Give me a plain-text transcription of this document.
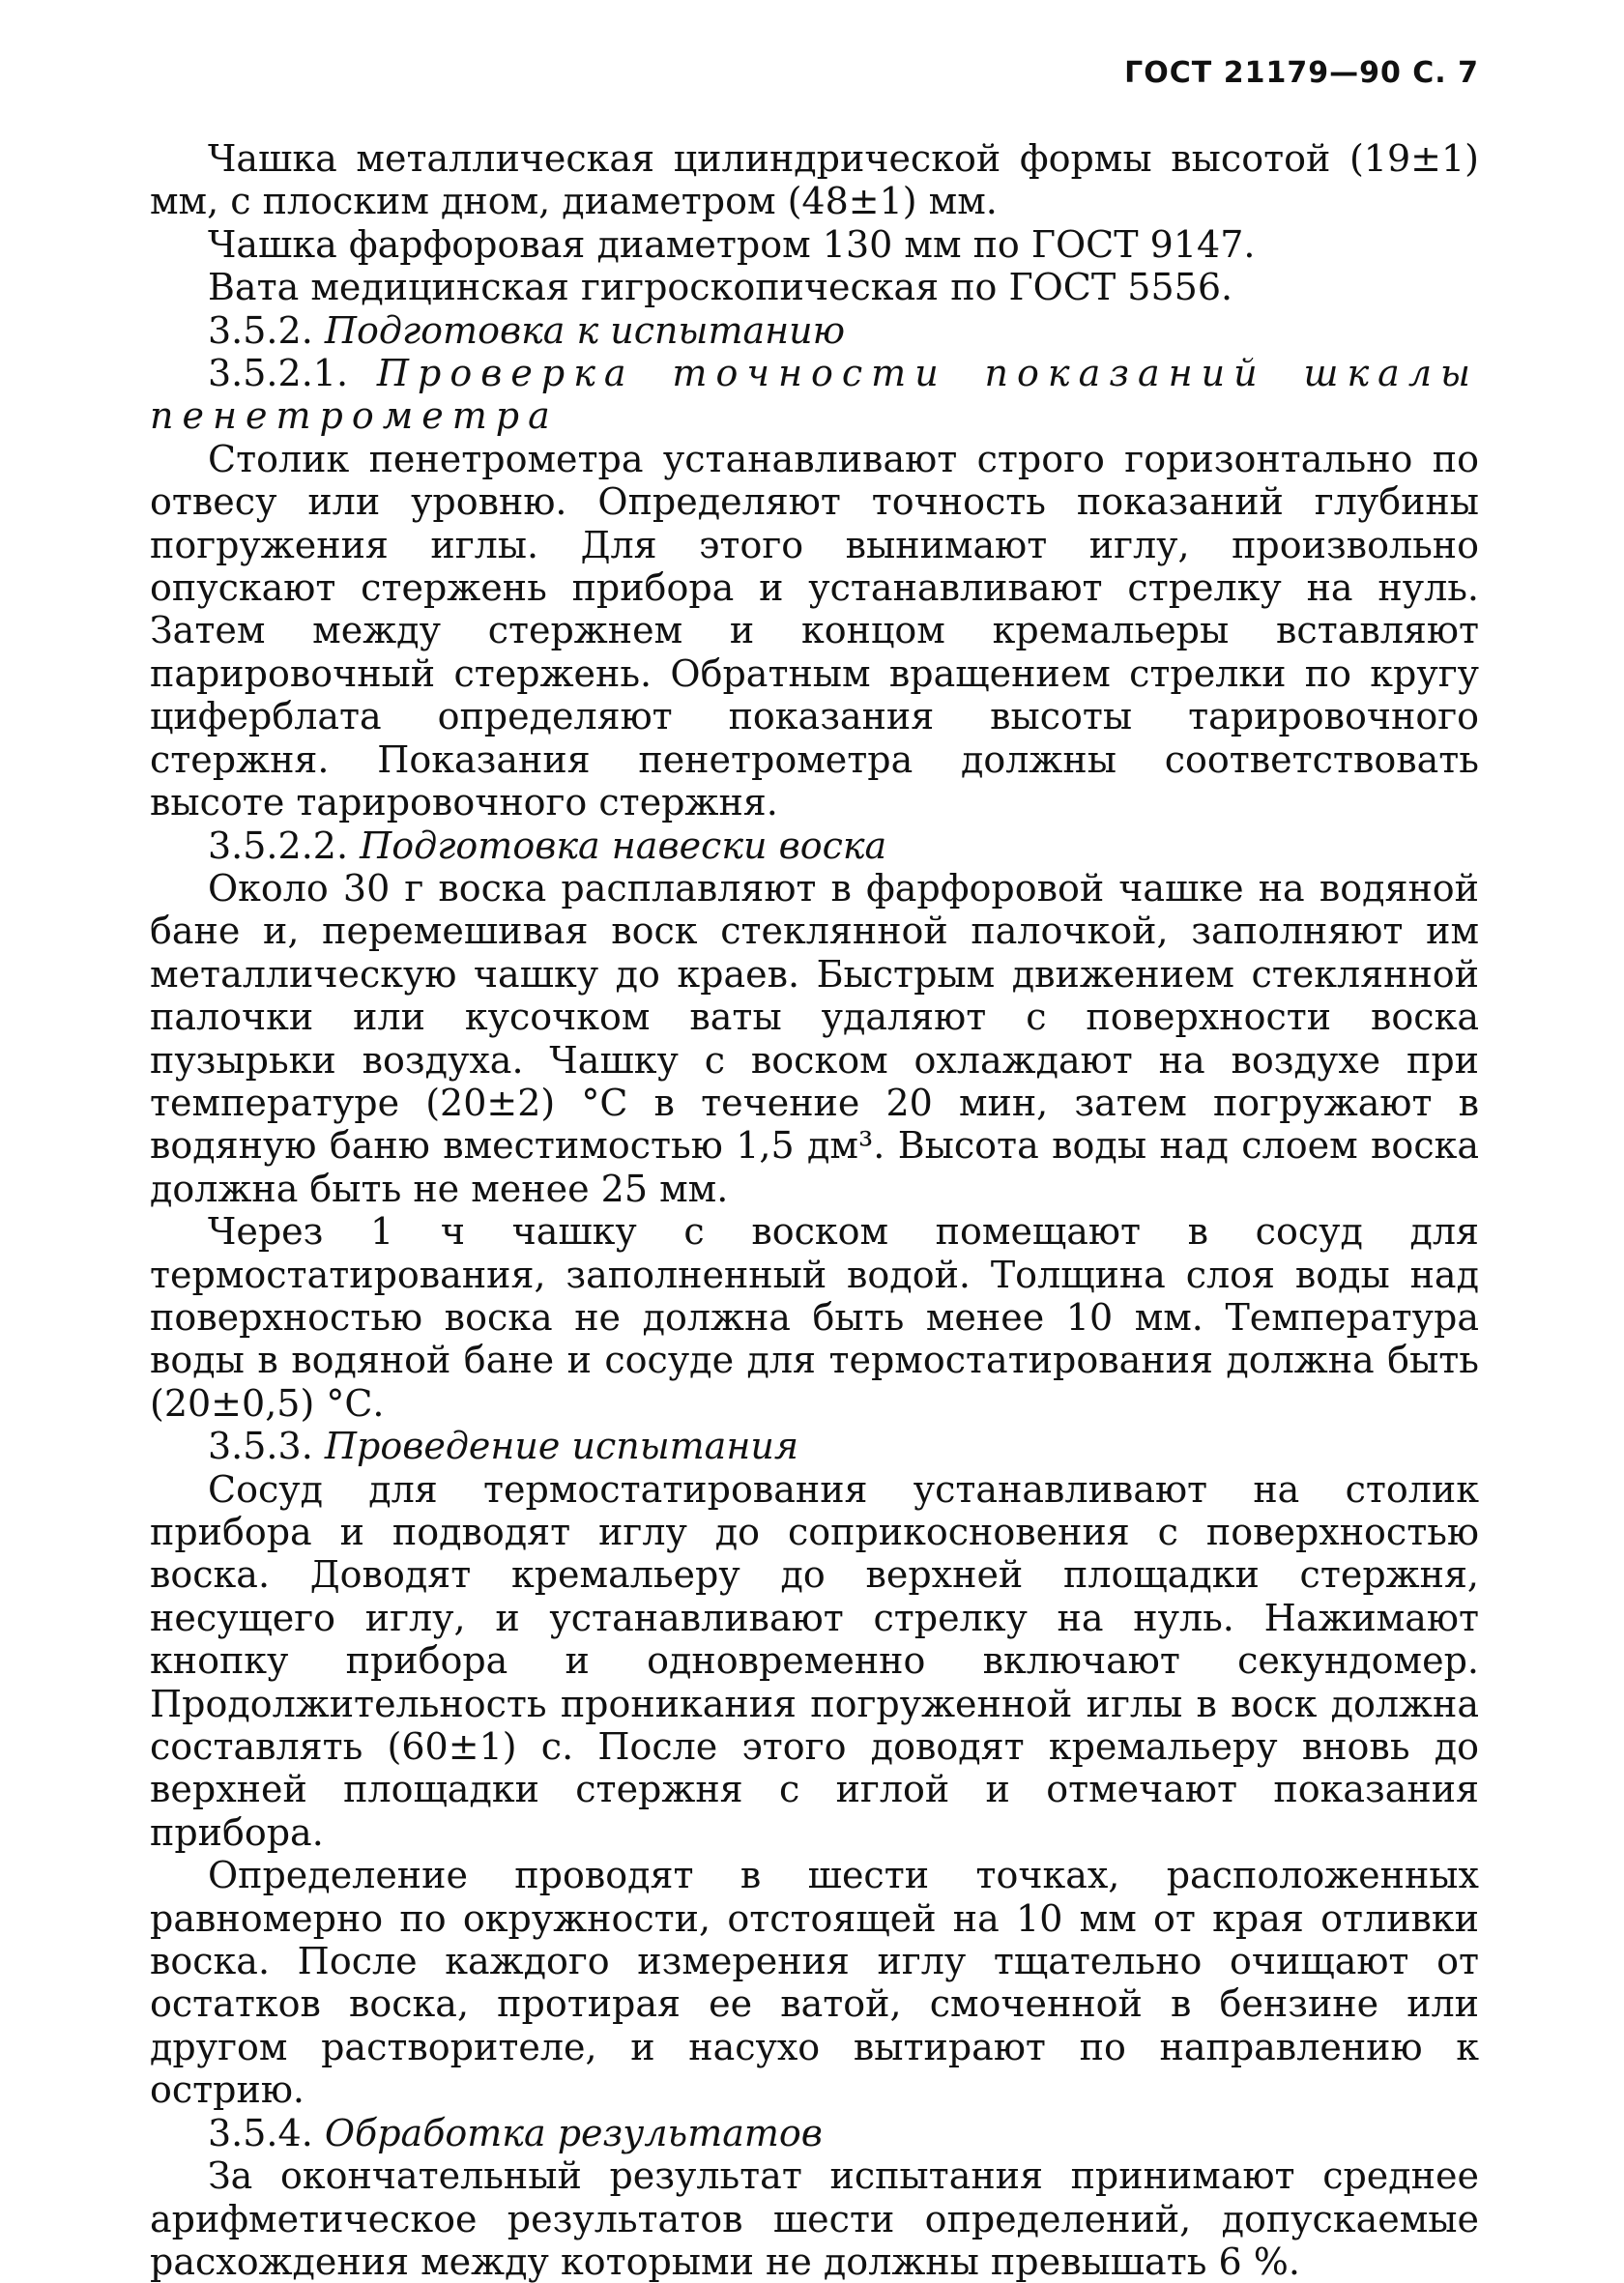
ГОСТ 21179—90 С. 7

Чашка металлическая цилиндрической формы высотой (19±1) мм, с плоским дном, диаметром (48±1) мм.

Чашка фарфоровая диаметром 130 мм по ГОСТ 9147.

Вата медицинская гигроскопическая по ГОСТ 5556.

3.5.2. Подготовка к испытанию

3.5.2.1. Проверка точности показаний шкалы пенетрометра

Столик пенетрометра устанавливают строго горизонтально по отвесу или уровню. Определяют точность показаний глубины погружения иглы. Для этого вынимают иглу, произвольно опускают стержень прибора и устанавливают стрелку на нуль. Затем между стержнем и концом кремальеры вставляют парировочный стержень. Обратным вращением стрелки по кругу циферблата определяют показания высоты тарировочного стержня. Показания пенетрометра должны соответствовать высоте тарировочного стержня.

3.5.2.2. Подготовка навески воска

Около 30 г воска расплавляют в фарфоровой чашке на водяной бане и, перемешивая воск стеклянной палочкой, заполняют им металлическую чашку до краев. Быстрым движением стеклянной палочки или кусочком ваты удаляют с поверхности воска пузырьки воздуха. Чашку с воском охлаждают на воздухе при температуре (20±2) °С в течение 20 мин, затем погружают в водяную баню вместимостью 1,5 дм³. Высота воды над слоем воска должна быть не менее 25 мм.

Через 1 ч чашку с воском помещают в сосуд для термостатирования, заполненный водой. Толщина слоя воды над поверхностью воска не должна быть менее 10 мм. Температура воды в водяной бане и сосуде для термостатирования должна быть (20±0,5) °С.

3.5.3. Проведение испытания

Сосуд для термостатирования устанавливают на столик прибора и подводят иглу до соприкосновения с поверхностью воска. Доводят кремальеру до верхней площадки стержня, несущего иглу, и устанавливают стрелку на нуль. Нажимают кнопку прибора и одновременно включают секундомер. Продолжительность проникания погруженной иглы в воск должна составлять (60±1) с. После этого доводят кремальеру вновь до верхней площадки стержня с иглой и отмечают показания прибора.

Определение проводят в шести точках, расположенных равномерно по окружности, отстоящей на 10 мм от края отливки воска. После каждого измерения иглу тщательно очищают от остатков воска, протирая ее ватой, смоченной в бензине или другом растворителе, и насухо вытирают по направлению к острию.

3.5.4. Обработка результатов

За окончательный результат испытания принимают среднее арифметическое результатов шести определений, допускаемые расхождения между которыми не должны превышать 6 %.
